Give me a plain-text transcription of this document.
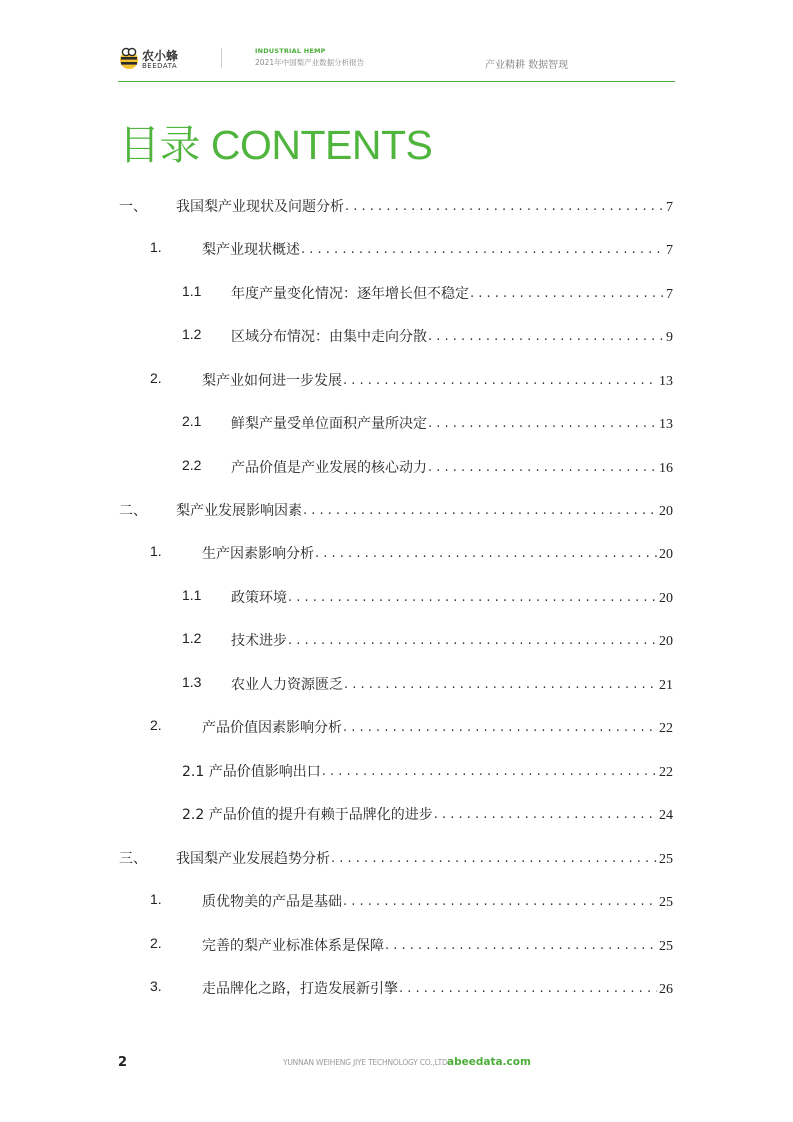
农小蜂
BEEDATA
INDUSTRIAL HEMP
2021年中国梨产业数据分析报告	产业精耕 数据智现
目录 CONTENTS
一、 我国梨产业现状及问题分析 . . .	7
1.	梨产业现状概述 . . .	7
1.1 年度产量变化情况：逐年增长但不稳定 . . .	7
1.2 区域分布情况：由集中走向分散 . . .	9
2.	梨产业如何进一步发展 . . .	13
2.1 鲜梨产量受单位面积产量所决定 . . .	13
2.2 产品价值是产业发展的核心动力 . . .	16
二、 梨产业发展影响因素 . . .	20
1.	生产因素影响分析 . . .	20
1.1 政策环境 . . .	20
1.2 技术进步 . . .	20
1.3 农业人力资源匮乏 . . .	21
2.	产品价值因素影响分析 . . .	22
2.1 产品价值影响出口 . . .	22
2.2 产品价值的提升有赖于品牌化的进步 . . .	24
三、 我国梨产业发展趋势分析 . . .	25
1.	质优物美的产品是基础 . . .	25
2.	完善的梨产业标准体系是保障 . . .	25
3.	走品牌化之路，打造发展新引擎 . . .	26
2	YUNNAN WEIHENG JIYE TECHNOLOGY CO.,LTD.
abeedata.com
